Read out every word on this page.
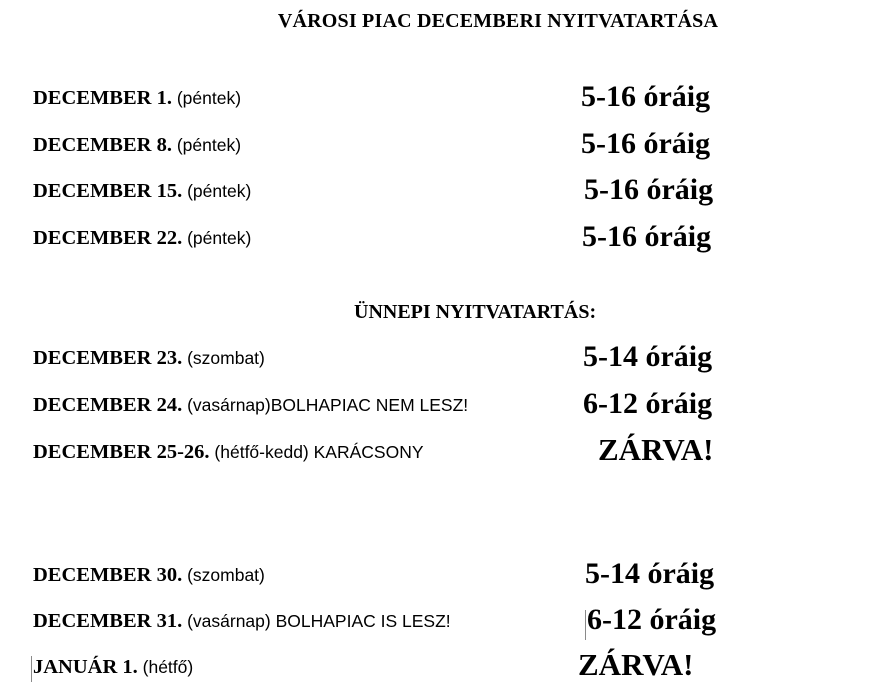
VÁROSI PIAC DECEMBERI NYITVATARTÁSA
DECEMBER 1. (péntek)	5-16 óráig
DECEMBER 8. (péntek)	5-16 óráig
DECEMBER 15. (péntek)	5-16 óráig
DECEMBER 22. (péntek)	5-16 óráig
ÜNNEPI NYITVATARTÁS:
DECEMBER 23. (szombat)	5-14 óráig
DECEMBER 24. (vasárnap)BOLHAPIAC NEM LESZ!	6-12 óráig
DECEMBER 25-26. (hétfő-kedd) KARÁCSONY	ZÁRVA!
DECEMBER 30. (szombat)	5-14 óráig
DECEMBER 31. (vasárnap) BOLHAPIAC IS LESZ!	6-12 óráig
JANUÁR 1. (hétfő)	ZÁRVA!
